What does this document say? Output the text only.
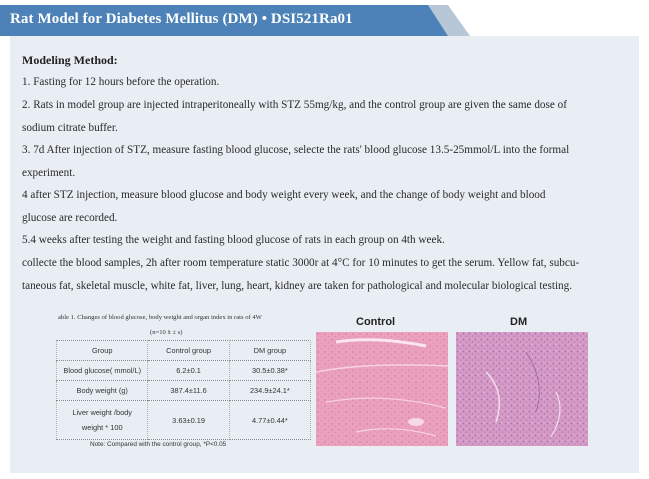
Rat Model for Diabetes Mellitus (DM) • DSI521Ra01
Modeling Method:
1. Fasting for 12 hours before the operation.
2. Rats in model group are injected intraperitoneally with STZ 55mg/kg, and the control group are given the same dose of
sodium citrate buffer.
3. 7d After injection of STZ, measure fasting blood glucose, selecte the rats' blood glucose 13.5-25mmol/L into the formal
experiment.
4 after STZ injection, measure blood glucose and body weight every week, and the change of body weight and blood
glucose are recorded.
5.4 weeks after testing the weight and fasting blood glucose of rats in each group on 4th week.
collecte the blood samples, 2h after room temperature static 3000r at 4°C for 10 minutes to get the serum. Yellow fat, subcu-
taneous fat, skeletal muscle, white fat, liver, lung, heart, kidney are taken for pathological and molecular biological testing.
able 1. Changes of blood glucose, body weight and organ index in rats of 4W
(n=10 x̄ ± s)
Group	Control group	DM group
Blood glucose( mmol/L)	6.2±0.1	30.5±0.38*
Body weight (g)	387.4±11.6	234.9±24.1*

Liver weight /body
weight * 100	3.63±0.19	4.77±0.44*
Note: Compared with the control group, *P<0.05
Control	DM
